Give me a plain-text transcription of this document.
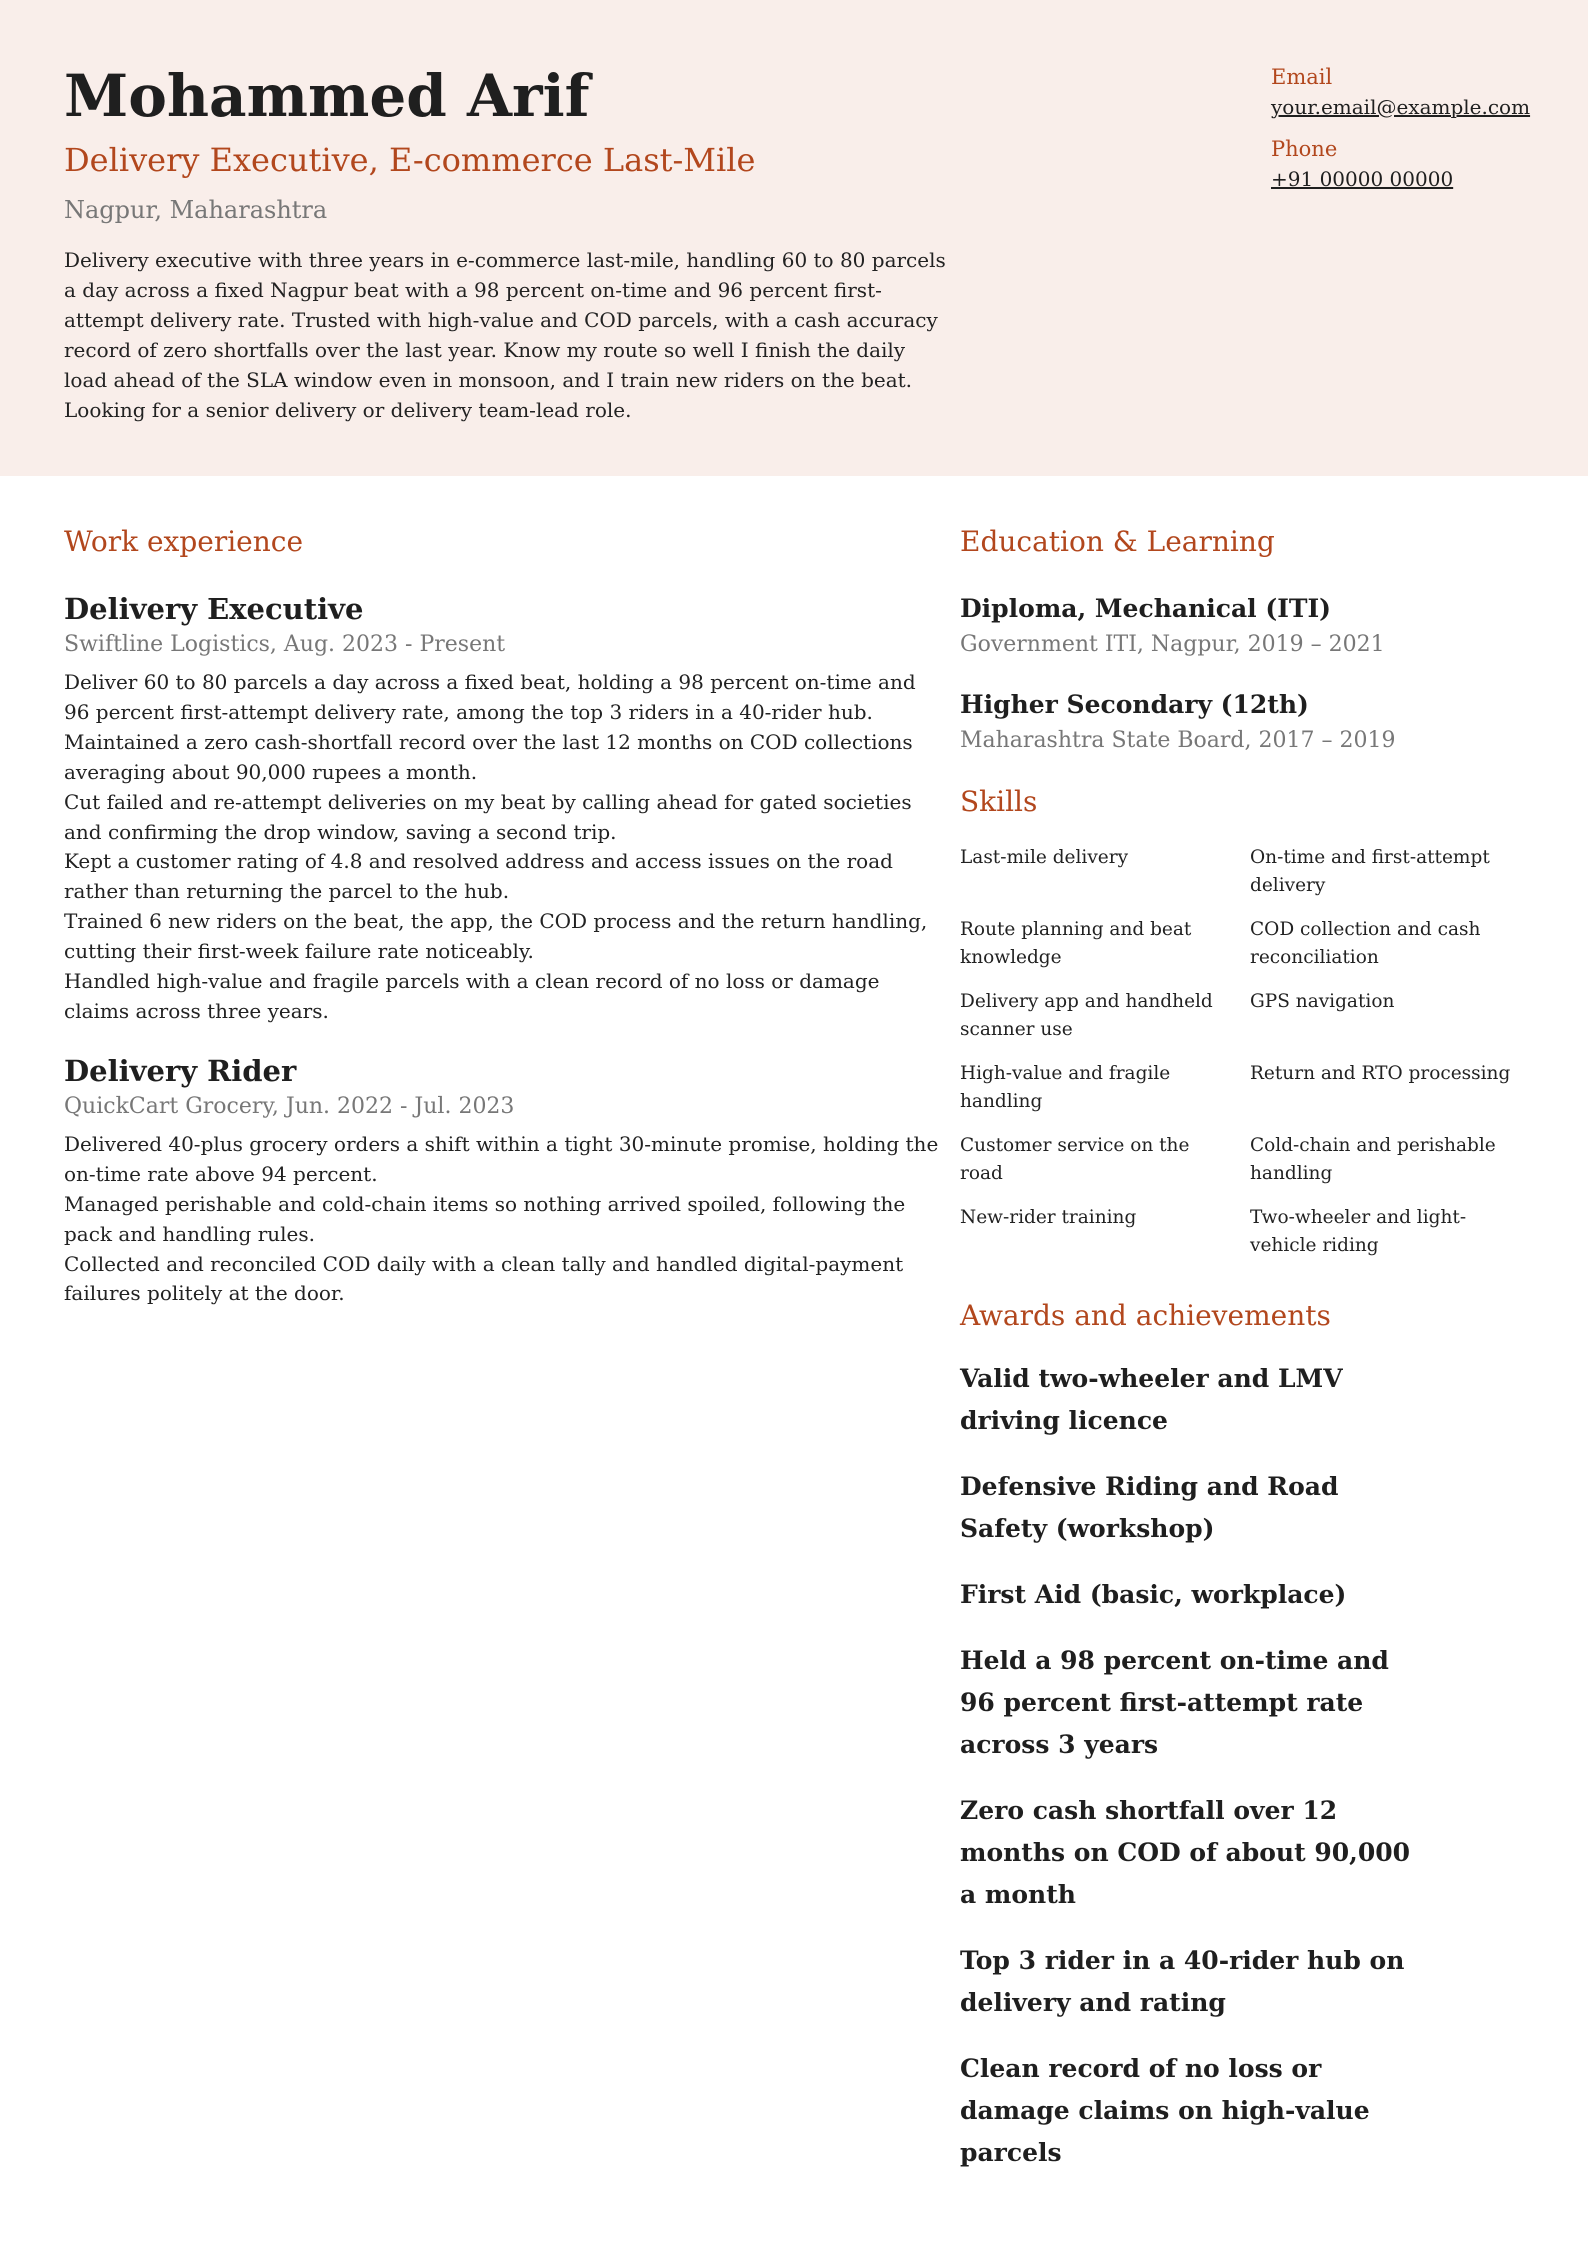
Mohammed Arif
Delivery Executive, E-commerce Last-Mile
Nagpur, Maharashtra
Delivery executive with three years in e-commerce last-mile, handling 60 to 80 parcels a day across a fixed Nagpur beat with a 98 percent on-time and 96 percent first-attempt delivery rate. Trusted with high-value and COD parcels, with a cash accuracy record of zero shortfalls over the last year. Know my route so well I finish the daily load ahead of the SLA window even in monsoon, and I train new riders on the beat. Looking for a senior delivery or delivery team-lead role.
Email
your.email@example.com
Phone
+91 00000 00000
Work experience
Delivery Executive
Swiftline Logistics, Aug. 2023 - Present
Deliver 60 to 80 parcels a day across a fixed beat, holding a 98 percent on-time and 96 percent first-attempt delivery rate, among the top 3 riders in a 40-rider hub.
Maintained a zero cash-shortfall record over the last 12 months on COD collections averaging about 90,000 rupees a month.
Cut failed and re-attempt deliveries on my beat by calling ahead for gated societies and confirming the drop window, saving a second trip.
Kept a customer rating of 4.8 and resolved address and access issues on the road rather than returning the parcel to the hub.
Trained 6 new riders on the beat, the app, the COD process and the return handling, cutting their first-week failure rate noticeably.
Handled high-value and fragile parcels with a clean record of no loss or damage claims across three years.
Delivery Rider
QuickCart Grocery, Jun. 2022 - Jul. 2023
Delivered 40-plus grocery orders a shift within a tight 30-minute promise, holding the on-time rate above 94 percent.
Managed perishable and cold-chain items so nothing arrived spoiled, following the pack and handling rules.
Collected and reconciled COD daily with a clean tally and handled digital-payment failures politely at the door.
Education & Learning
Diploma, Mechanical (ITI)
Government ITI, Nagpur, 2019 – 2021
Higher Secondary (12th)
Maharashtra State Board, 2017 – 2019
Skills
Last-mile delivery	On-time and first-attempt delivery
Route planning and beat knowledge
COD collection and cash reconciliation
Delivery app and handheld scanner use
GPS navigation
High-value and fragile handling
Return and RTO processing
Customer service on the road
Cold-chain and perishable handling
New-rider training	Two-wheeler and light-vehicle riding
Awards and achievements
Valid two-wheeler and LMV driving licence
Defensive Riding and Road Safety (workshop)
First Aid (basic, workplace)
Held a 98 percent on-time and 96 percent first-attempt rate across 3 years
Zero cash shortfall over 12 months on COD of about 90,000 a month
Top 3 rider in a 40-rider hub on delivery and rating
Clean record of no loss or damage claims on high-value parcels
